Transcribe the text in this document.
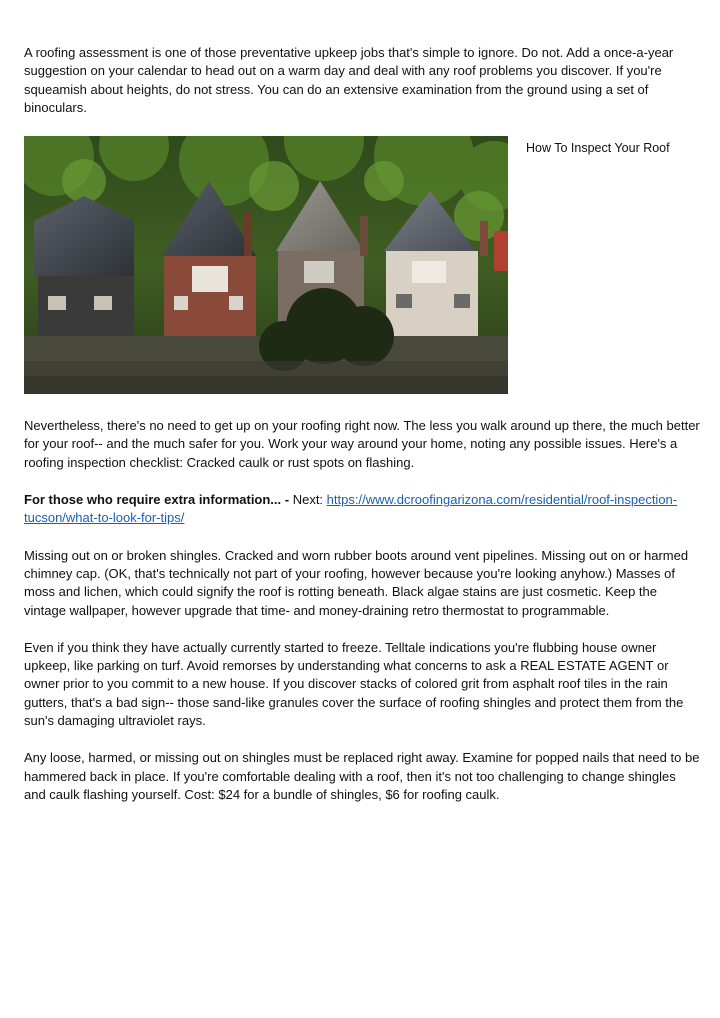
A roofing assessment is one of those preventative upkeep jobs that's simple to ignore. Do not. Add a once-a-year suggestion on your calendar to head out on a warm day and deal with any roof problems you discover. If you're squeamish about heights, do not stress. You can do an extensive examination from the ground using a set of binoculars.

How To Inspect Your Roof

Nevertheless, there's no need to get up on your roofing right now. The less you walk around up there, the much better for your roof-- and the much safer for you. Work your way around your home, noting any possible issues. Here's a roofing inspection checklist: Cracked caulk or rust spots on flashing.

For those who require extra information... - Next: https://www.dcroofingarizona.com/residential/roof-inspection-tucson/what-to-look-for-tips/

Missing out on or broken shingles. Cracked and worn rubber boots around vent pipelines. Missing out on or harmed chimney cap. (OK, that's technically not part of your roofing, however because you're looking anyhow.) Masses of moss and lichen, which could signify the roof is rotting beneath. Black algae stains are just cosmetic. Keep the vintage wallpaper, however upgrade that time- and money-draining retro thermostat to programmable.

Even if you think they have actually currently started to freeze. Telltale indications you're flubbing house owner upkeep, like parking on turf. Avoid remorses by understanding what concerns to ask a REAL ESTATE AGENT or owner prior to you commit to a new house. If you discover stacks of colored grit from asphalt roof tiles in the rain gutters, that's a bad sign-- those sand-like granules cover the surface of roofing shingles and protect them from the sun's damaging ultraviolet rays.

Any loose, harmed, or missing out on shingles must be replaced right away. Examine for popped nails that need to be hammered back in place. If you're comfortable dealing with a roof, then it's not too challenging to change shingles and caulk flashing yourself. Cost: $24 for a bundle of shingles, $6 for roofing caulk.
